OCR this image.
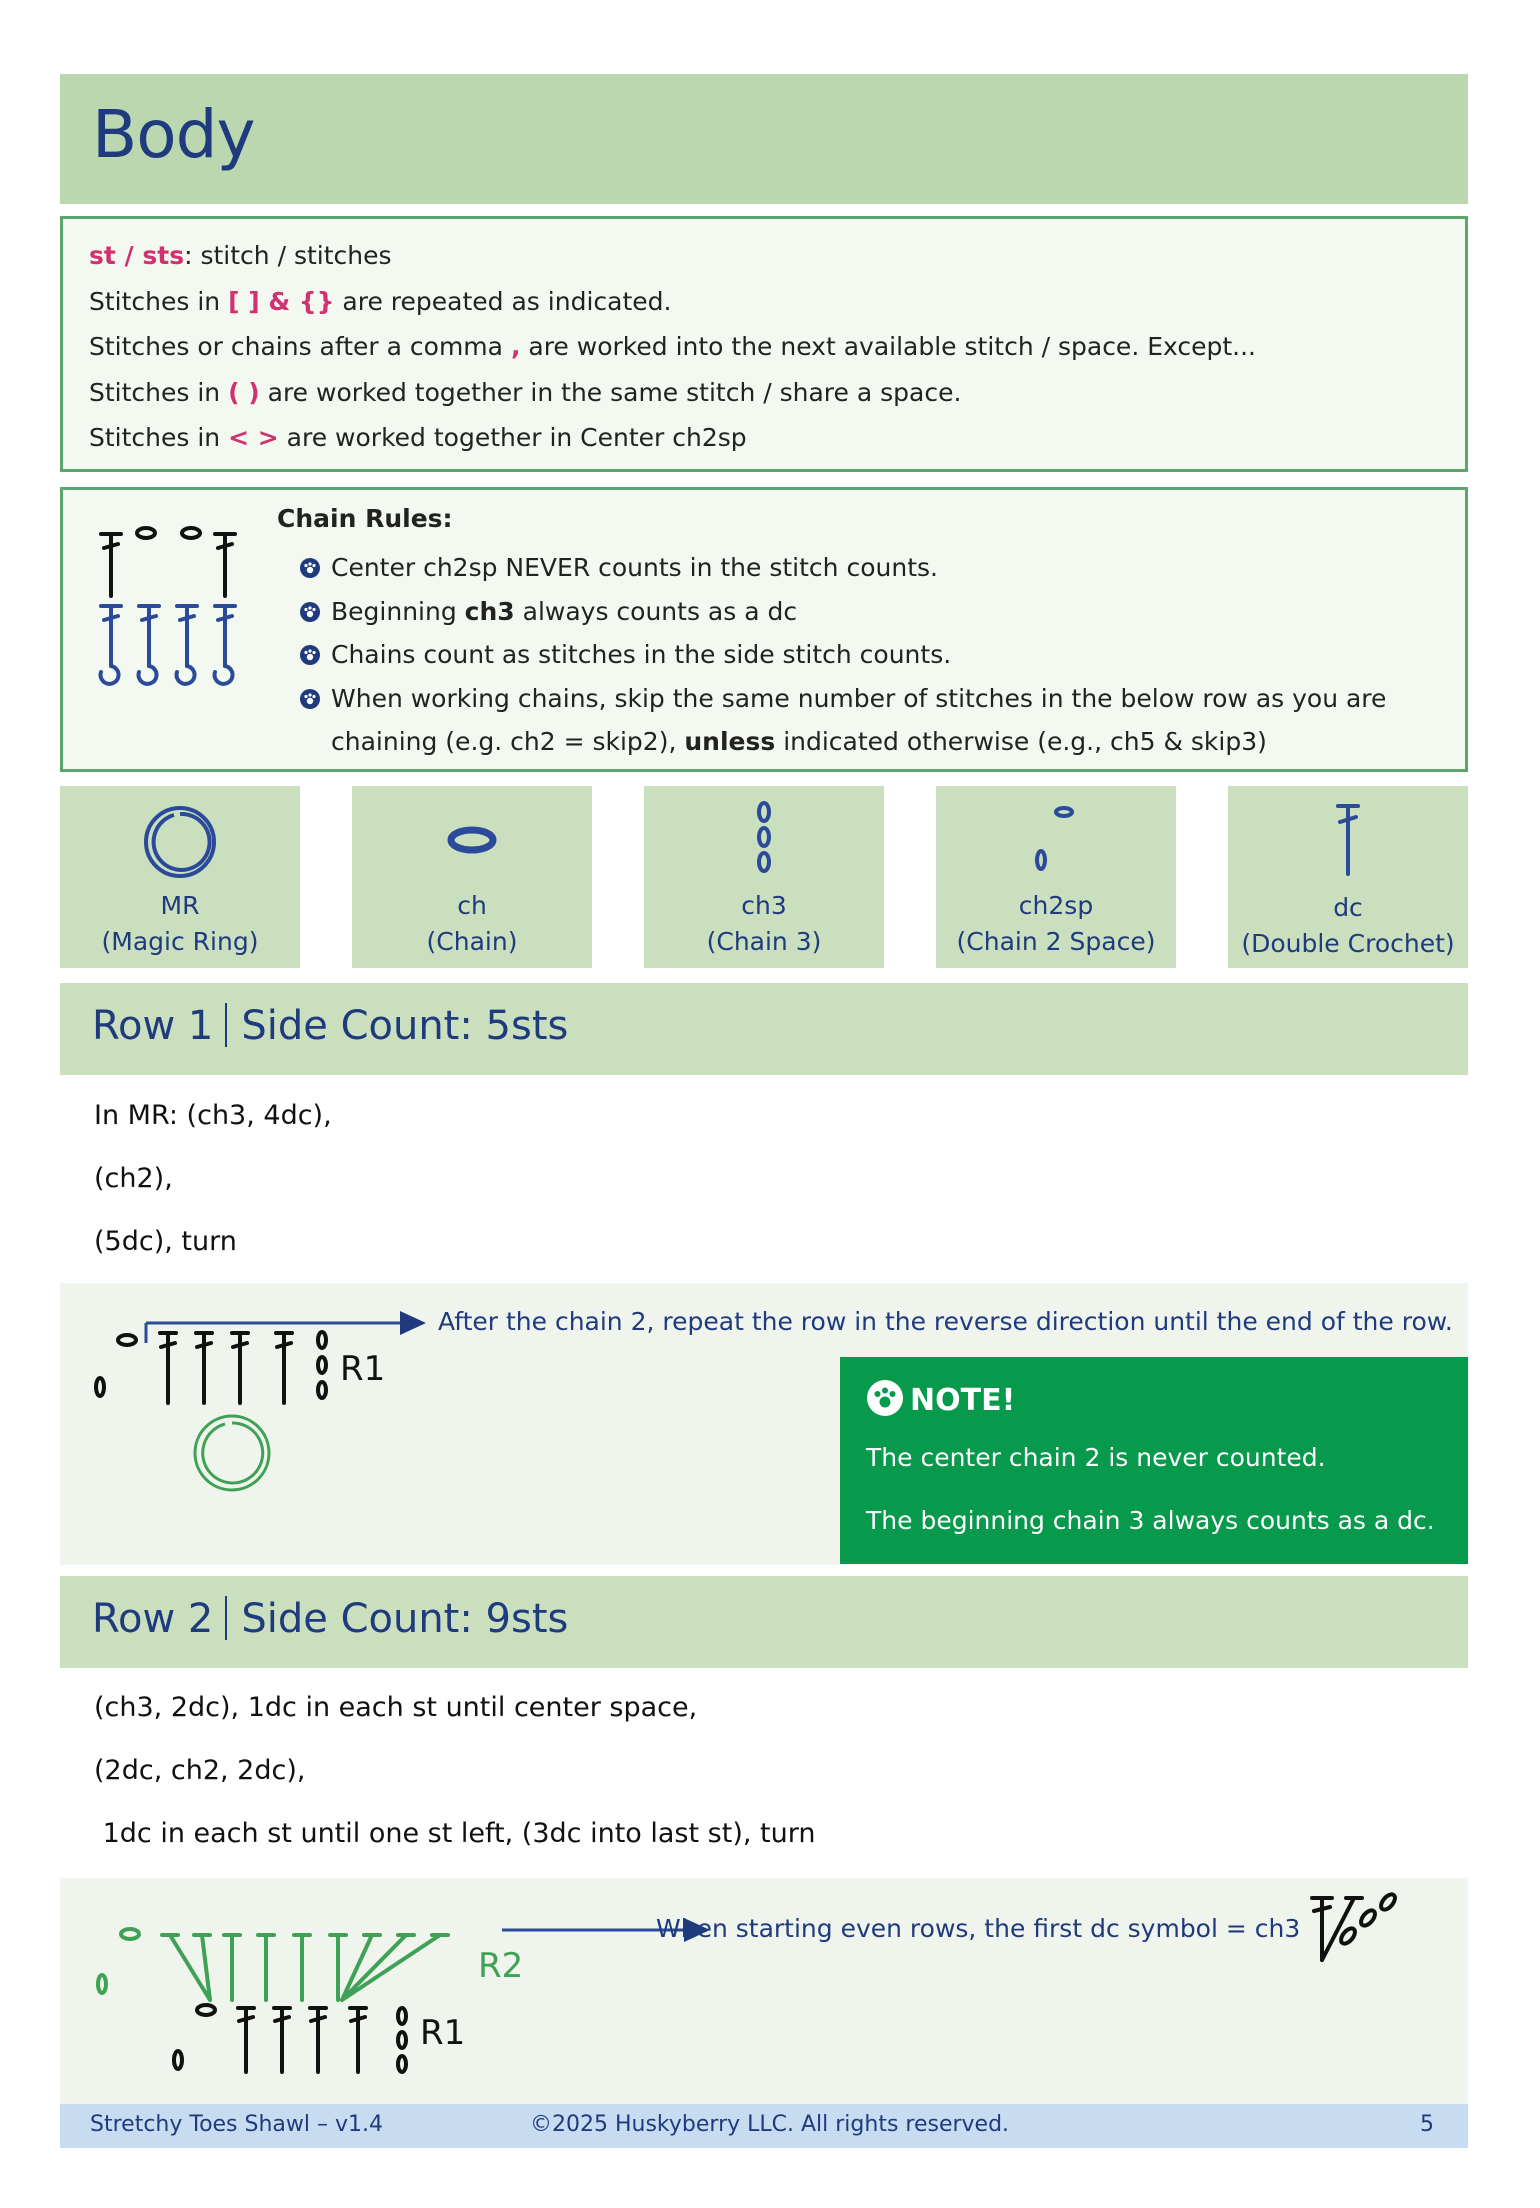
Body
st / sts: stitch / stitches
Stitches in [ ] & {} are repeated as indicated.
Stitches or chains after a comma , are worked into the next available stitch / space. Except...
Stitches in ( ) are worked together in the same stitch / share a space.
Stitches in < > are worked together in Center ch2sp
Chain Rules:
Center ch2sp NEVER counts in the stitch counts.
Beginning ch3 always counts as a dc
Chains count as stitches in the side stitch counts.
When working chains, skip the same number of stitches in the below row as you are
chaining (e.g. ch2 = skip2), unless indicated otherwise (e.g., ch5 & skip3)
MR
(Magic Ring)
ch
(Chain)
ch3
(Chain 3)
ch2sp
(Chain 2 Space)
dc
(Double Crochet)
Row 1 Side Count: 5sts
In MR: (ch3, 4dc),
(ch2),
(5dc), turn
R1
After the chain 2, repeat the row in the reverse direction until the end of the row.
NOTE!
The center chain 2 is never counted.
The beginning chain 3 always counts as a dc.
Row 2 Side Count: 9sts
(ch3, 2dc), 1dc in each st until center space,
(2dc, ch2, 2dc),
1dc in each st until one st left, (3dc into last st), turn
R2
R1
When starting even rows, the first dc symbol = ch3
Stretchy Toes Shawl – v1.4	©2025 Huskyberry LLC. All rights reserved.	5
